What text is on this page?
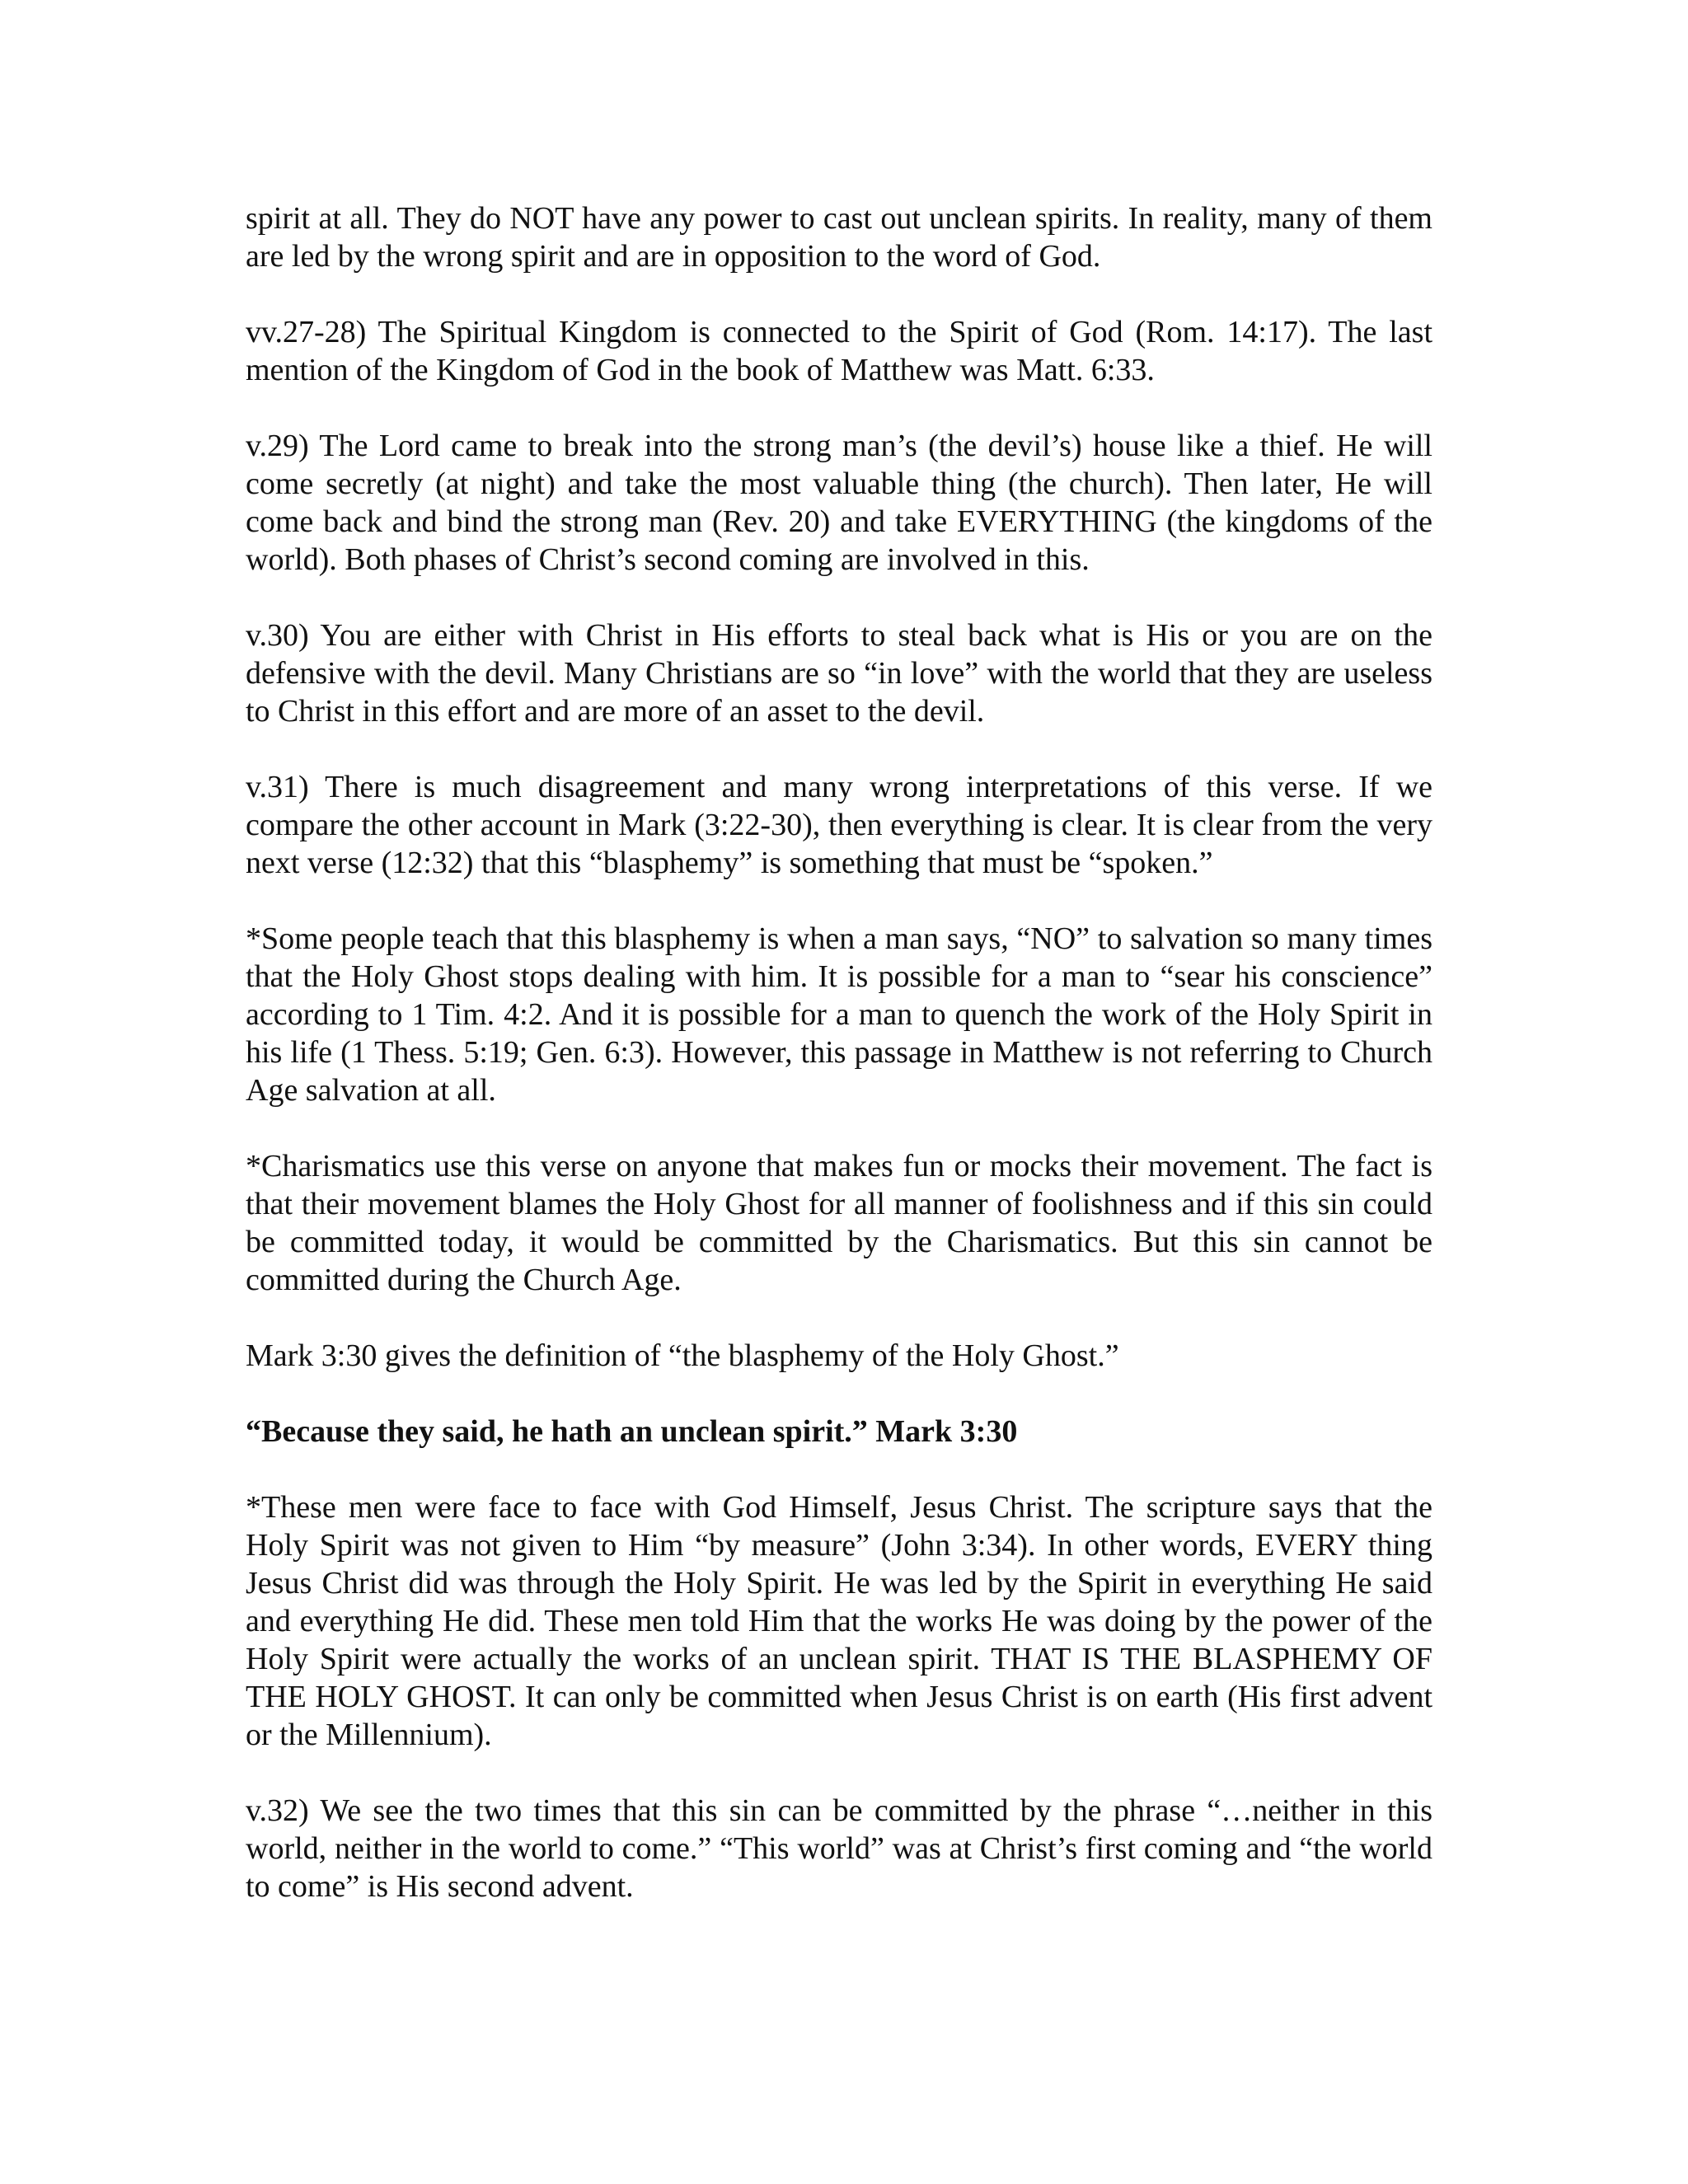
spirit at all. They do NOT have any power to cast out unclean spirits. In reality, many of them are led by the wrong spirit and are in opposition to the word of God.

vv.27-28) The Spiritual Kingdom is connected to the Spirit of God (Rom. 14:17). The last mention of the Kingdom of God in the book of Matthew was Matt. 6:33.

v.29) The Lord came to break into the strong man’s (the devil’s) house like a thief. He will come secretly (at night) and take the most valuable thing (the church). Then later, He will come back and bind the strong man (Rev. 20) and take EVERYTHING (the kingdoms of the world). Both phases of Christ’s second coming are involved in this.

v.30) You are either with Christ in His efforts to steal back what is His or you are on the defensive with the devil. Many Christians are so “in love” with the world that they are useless to Christ in this effort and are more of an asset to the devil.

v.31) There is much disagreement and many wrong interpretations of this verse. If we compare the other account in Mark (3:22-30), then everything is clear. It is clear from the very next verse (12:32) that this “blasphemy” is something that must be “spoken.”

*Some people teach that this blasphemy is when a man says, “NO” to salvation so many times that the Holy Ghost stops dealing with him. It is possible for a man to “sear his conscience” according to 1 Tim. 4:2. And it is possible for a man to quench the work of the Holy Spirit in his life (1 Thess. 5:19; Gen. 6:3). However, this passage in Matthew is not referring to Church Age salvation at all.

*Charismatics use this verse on anyone that makes fun or mocks their movement. The fact is that their movement blames the Holy Ghost for all manner of foolishness and if this sin could be committed today, it would be committed by the Charismatics. But this sin cannot be committed during the Church Age.

Mark 3:30 gives the definition of “the blasphemy of the Holy Ghost.”

“Because they said, he hath an unclean spirit.” Mark 3:30

*These men were face to face with God Himself, Jesus Christ. The scripture says that the Holy Spirit was not given to Him “by measure” (John 3:34). In other words, EVERY thing Jesus Christ did was through the Holy Spirit. He was led by the Spirit in everything He said and everything He did. These men told Him that the works He was doing by the power of the Holy Spirit were actually the works of an unclean spirit. THAT IS THE BLASPHEMY OF THE HOLY GHOST. It can only be committed when Jesus Christ is on earth (His first advent or the Millennium).

v.32) We see the two times that this sin can be committed by the phrase “…neither in this world, neither in the world to come.” “This world” was at Christ’s first coming and “the world to come” is His second advent.
